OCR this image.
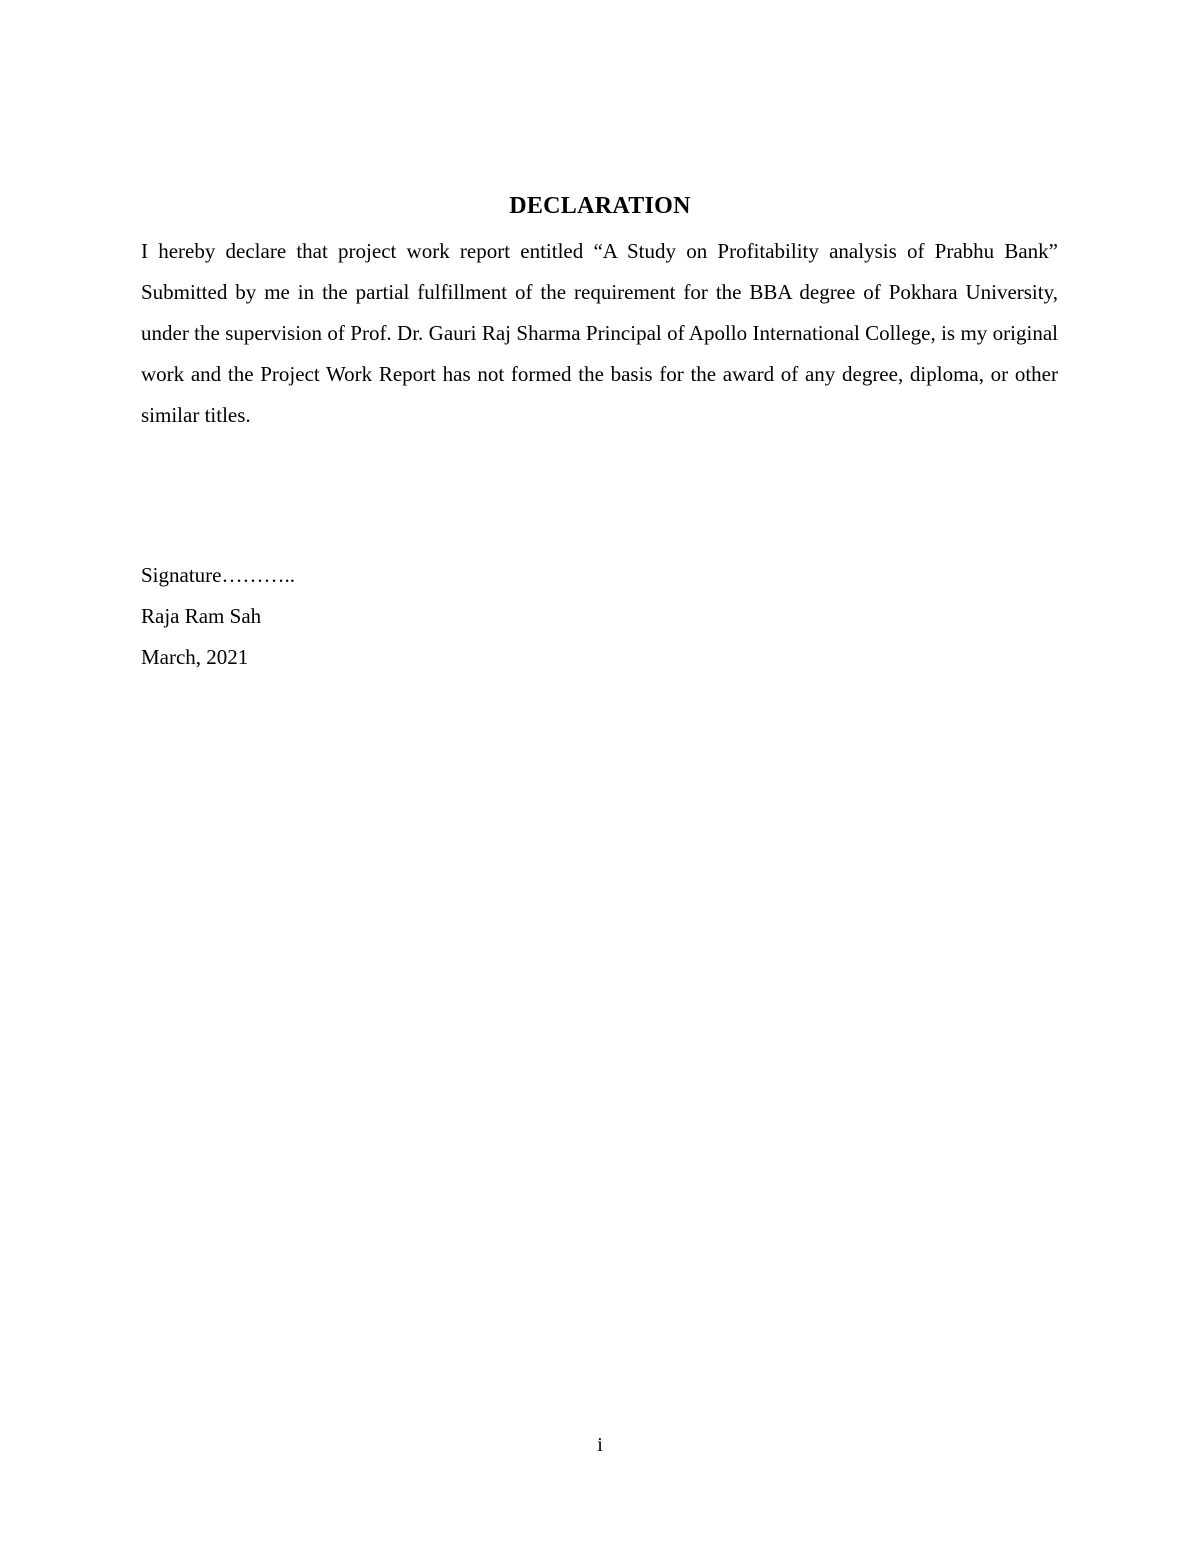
DECLARATION

I hereby declare that project work report entitled “A Study on Profitability analysis of Prabhu Bank” Submitted by me in the partial fulfillment of the requirement for the BBA degree of Pokhara University, under the supervision of Prof. Dr. Gauri Raj Sharma Principal of Apollo International College, is my original work and the Project Work Report has not formed the basis for the award of any degree, diploma, or other similar titles.

Signature………..
Raja Ram Sah
March, 2021
i
